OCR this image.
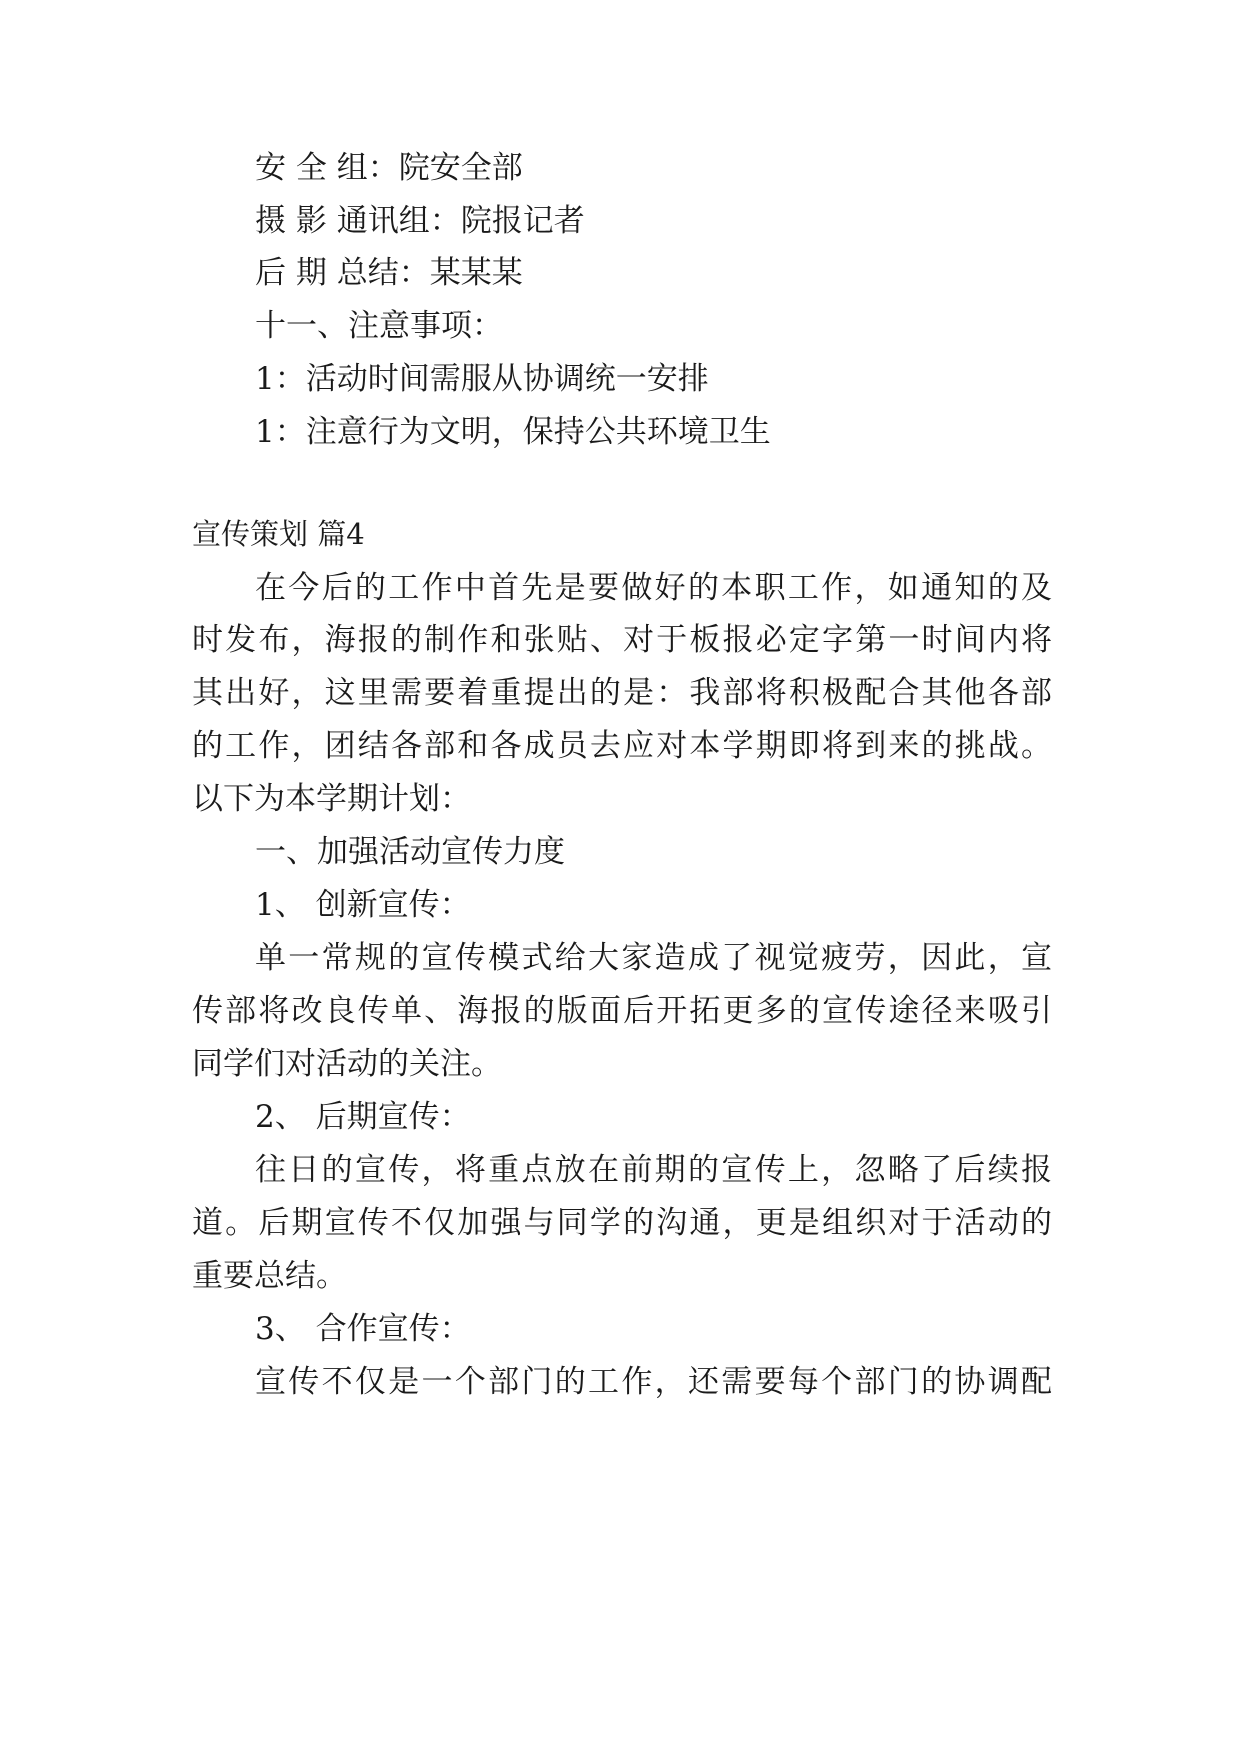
安 全 组：院安全部
摄 影 通讯组：院报记者
后 期 总结：某某某
十一、注意事项：
1：活动时间需服从协调统一安排
1：注意行为文明，保持公共环境卫生
宣传策划 篇4
在今后的工作中首先是要做好的本职工作，如通知的及
时发布，海报的制作和张贴、对于板报必定字第一时间内将
其出好，这里需要着重提出的是：我部将积极配合其他各部
的工作，团结各部和各成员去应对本学期即将到来的挑战。
以下为本学期计划：
一、加强活动宣传力度
1、 创新宣传：
单一常规的宣传模式给大家造成了视觉疲劳，因此，宣
传部将改良传单、海报的版面后开拓更多的宣传途径来吸引
同学们对活动的关注。
2、 后期宣传：
往日的宣传，将重点放在前期的宣传上，忽略了后续报
道。后期宣传不仅加强与同学的沟通，更是组织对于活动的
重要总结。
3、 合作宣传：
宣传不仅是一个部门的工作，还需要每个部门的协调配
